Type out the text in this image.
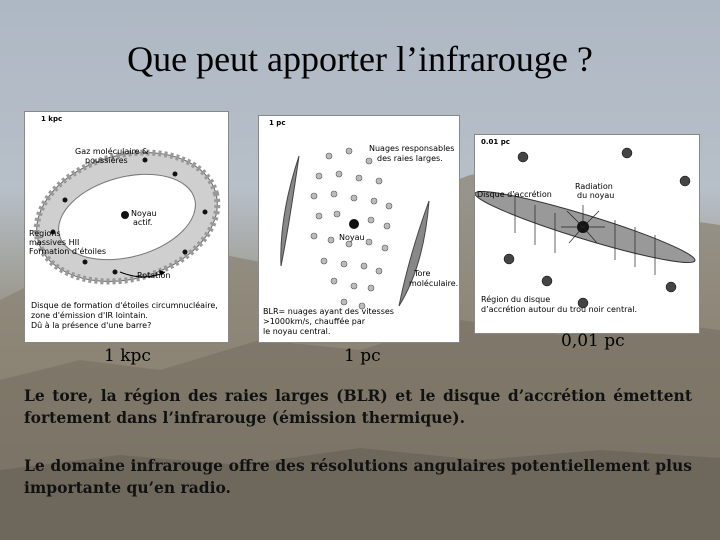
Que peut apporter l’infrarouge ?
1 kpc
Gaz moléculaire &
poussières
Noyau
actif.
Regions
massives HII
Formation d’étoiles
Rotation
Disque de formation d'étoiles circumnucléaire,
zone d'émission d'IR lointain.
Dû à la présence d'une barre?
1 pc
Nuages responsables
des raies larges.
Noyau
Tore
moléculaire.
BLR= nuages ayant des vitesses
>1000km/s, chauffée par
le noyau central.
0.01 pc
Disque d’accrétion
Radiation
du noyau
Région du disque
d’accrétion autour du trou noir central.
1 kpc	1 pc
0,01 pc
Le tore, la région des raies larges (BLR) et le disque d’accrétion émettent fortement dans l’infrarouge (émission thermique).
Le domaine infrarouge offre des résolutions angulaires potentiellement plus importante qu’en radio.
